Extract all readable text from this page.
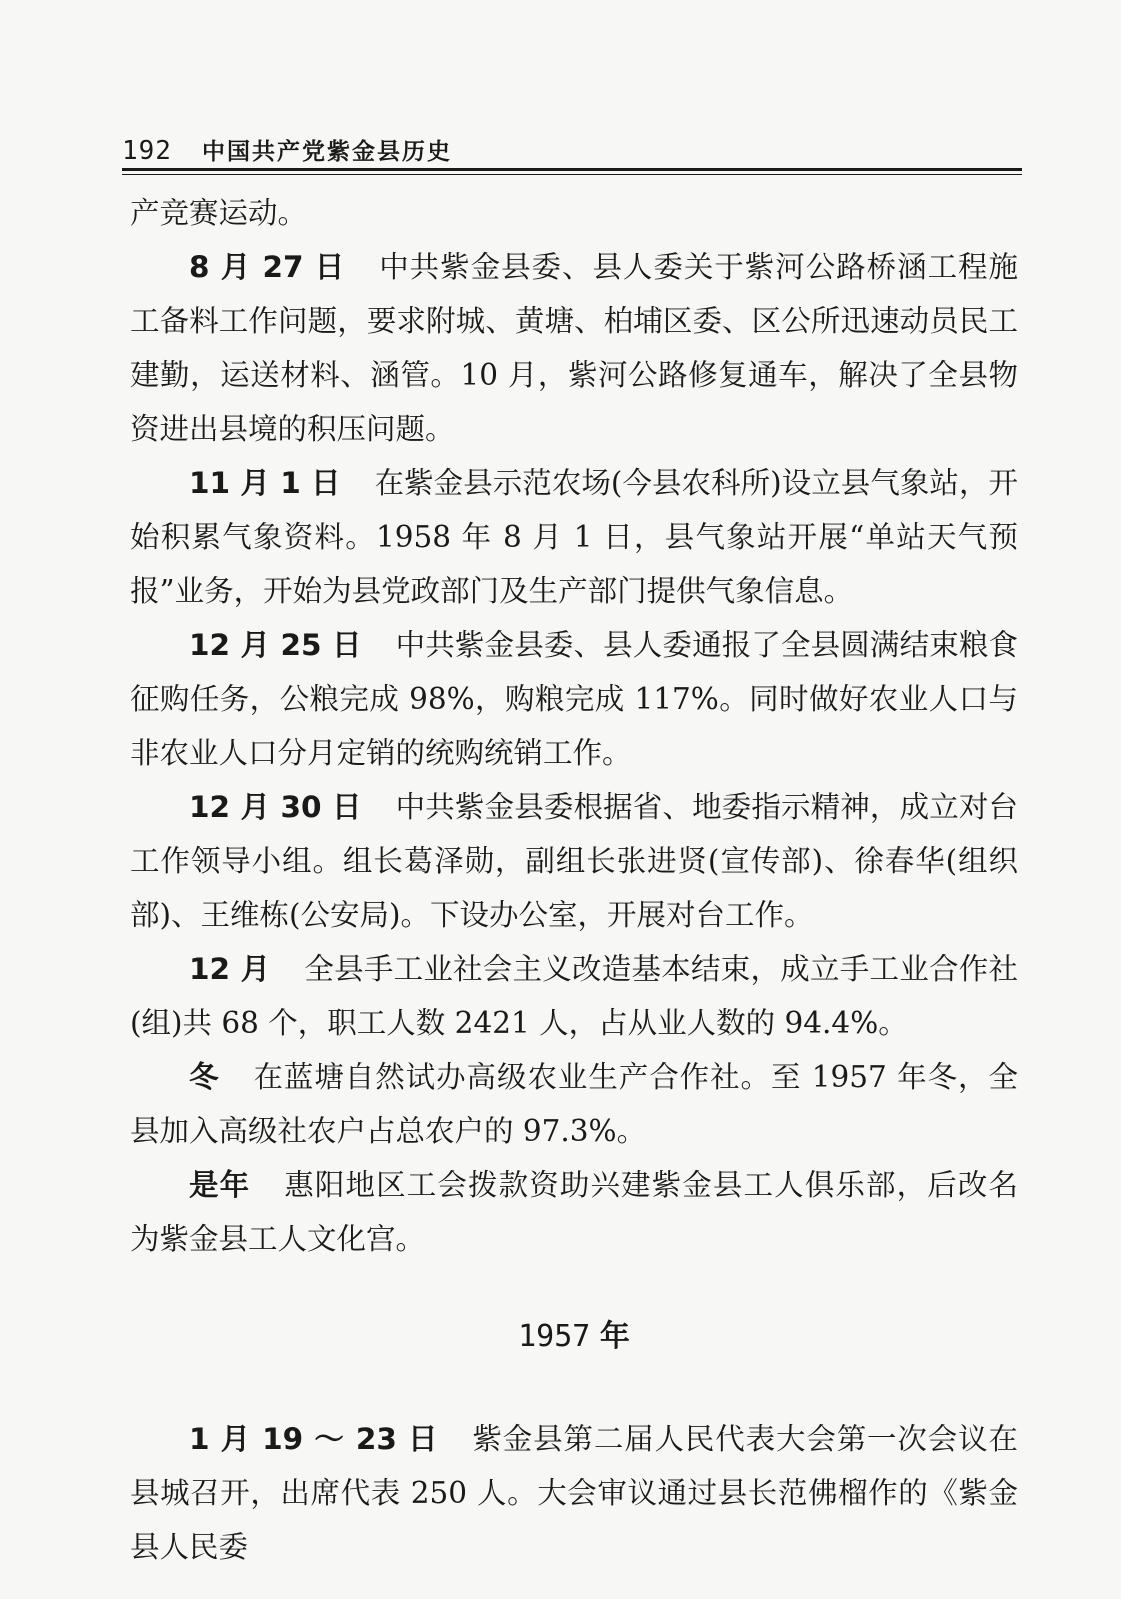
192 中国共产党紫金县历史

产竞赛运动。

8 月 27 日 中共紫金县委、县人委关于紫河公路桥涵工程施工备料工作问题，要求附城、黄塘、柏埔区委、区公所迅速动员民工建勤，运送材料、涵管。10 月，紫河公路修复通车，解决了全县物资进出县境的积压问题。

11 月 1 日 在紫金县示范农场(今县农科所)设立县气象站，开始积累气象资料。1958 年 8 月 1 日，县气象站开展“单站天气预报”业务，开始为县党政部门及生产部门提供气象信息。

12 月 25 日 中共紫金县委、县人委通报了全县圆满结束粮食征购任务，公粮完成 98%，购粮完成 117%。同时做好农业人口与非农业人口分月定销的统购统销工作。

12 月 30 日 中共紫金县委根据省、地委指示精神，成立对台工作领导小组。组长葛泽勋，副组长张进贤(宣传部)、徐春华(组织部)、王维栋(公安局)。下设办公室，开展对台工作。

12 月 全县手工业社会主义改造基本结束，成立手工业合作社(组)共 68 个，职工人数 2421 人，占从业人数的 94.4%。

冬 在蓝塘自然试办高级农业生产合作社。至 1957 年冬，全县加入高级社农户占总农户的 97.3%。

是年 惠阳地区工会拨款资助兴建紫金县工人俱乐部，后改名为紫金县工人文化宫。

1957 年

1 月 19 ～ 23 日 紫金县第二届人民代表大会第一次会议在县城召开，出席代表 250 人。大会审议通过县长范佛榴作的《紫金县人民委
